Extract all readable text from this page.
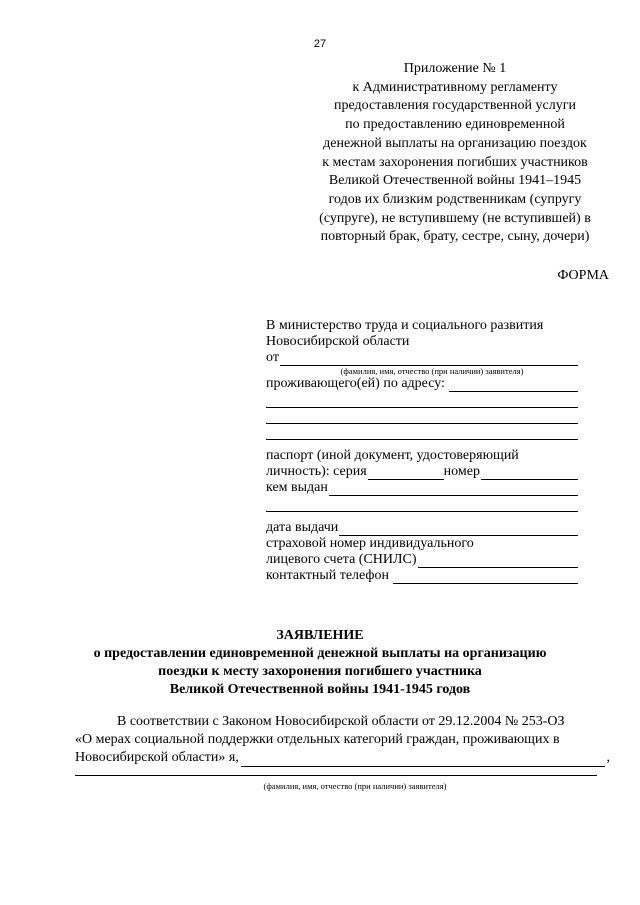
27
Приложение № 1
к Административному регламенту
предоставления государственной услуги
по предоставлению единовременной
денежной выплаты на организацию поездок
к местам захоронения погибших участников
Великой Отечественной войны 1941–1945
годов их близким родственникам (супругу
(супруге), не вступившему (не вступившей) в
повторный брак, брату, сестре, сыну, дочери)
ФОРМА
В министерство труда и социального развития
Новосибирской области
от
(фамилия, имя, отчество (при наличии) заявителя)
проживающего(ей) по адресу:
паспорт (иной документ, удостоверяющий
личность): серия	номер
кем выдан
дата выдачи
страховой номер индивидуального
лицевого счета (СНИЛС)
контактный телефон
ЗАЯВЛЕНИЕ
о предоставлении единовременной денежной выплаты на организацию
поездки к месту захоронения погибшего участника
Великой Отечественной войны 1941-1945 годов
В соответствии с Законом Новосибирской области от 29.12.2004 № 253-ОЗ
«О мерах социальной поддержки отдельных категорий граждан, проживающих в
Новосибирской области» я,	,
(фамилия, имя, отчество (при наличии) заявителя)
